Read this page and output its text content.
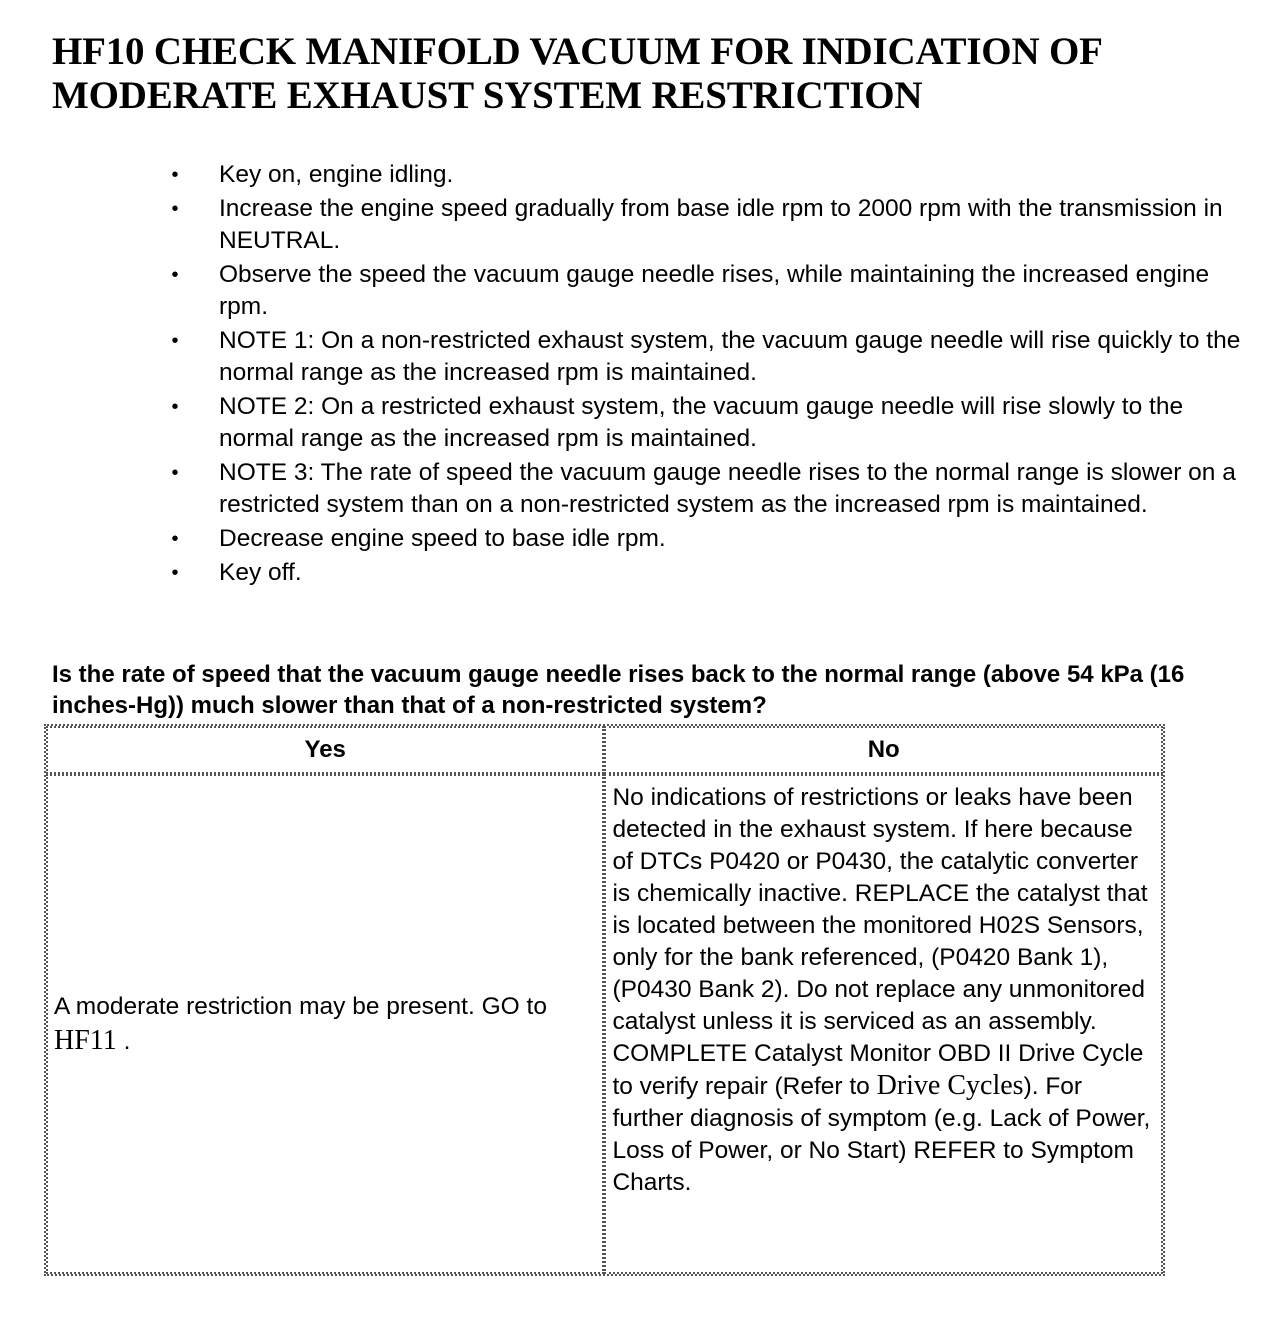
HF10 CHECK MANIFOLD VACUUM FOR INDICATION OF MODERATE EXHAUST SYSTEM RESTRICTION
• Key on, engine idling.
• Increase the engine speed gradually from base idle rpm to 2000 rpm with the transmission in NEUTRAL.
• Observe the speed the vacuum gauge needle rises, while maintaining the increased engine rpm.
• NOTE 1: On a non-restricted exhaust system, the vacuum gauge needle will rise quickly to the normal range as the increased rpm is maintained.
• NOTE 2: On a restricted exhaust system, the vacuum gauge needle will rise slowly to the normal range as the increased rpm is maintained.
• NOTE 3: The rate of speed the vacuum gauge needle rises to the normal range is slower on a restricted system than on a non-restricted system as the increased rpm is maintained.
• Decrease engine speed to base idle rpm.
• Key off.

Is the rate of speed that the vacuum gauge needle rises back to the normal range (above 54 kPa (16 inches-Hg)) much slower than that of a non-restricted system?

Yes	No
A moderate restriction may be present. GO to
HF11 .	No indications of restrictions or leaks have been detected in the exhaust system. If here because of DTCs P0420 or P0430, the catalytic converter is chemically inactive. REPLACE the catalyst that is located between the monitored H02S Sensors, only for the bank referenced, (P0420 Bank 1), (P0430 Bank 2). Do not replace any unmonitored catalyst unless it is serviced as an assembly. COMPLETE Catalyst Monitor OBD II Drive Cycle to verify repair (Refer to Drive Cycles). For further diagnosis of symptom (e.g. Lack of Power, Loss of Power, or No Start) REFER to Symptom Charts.
